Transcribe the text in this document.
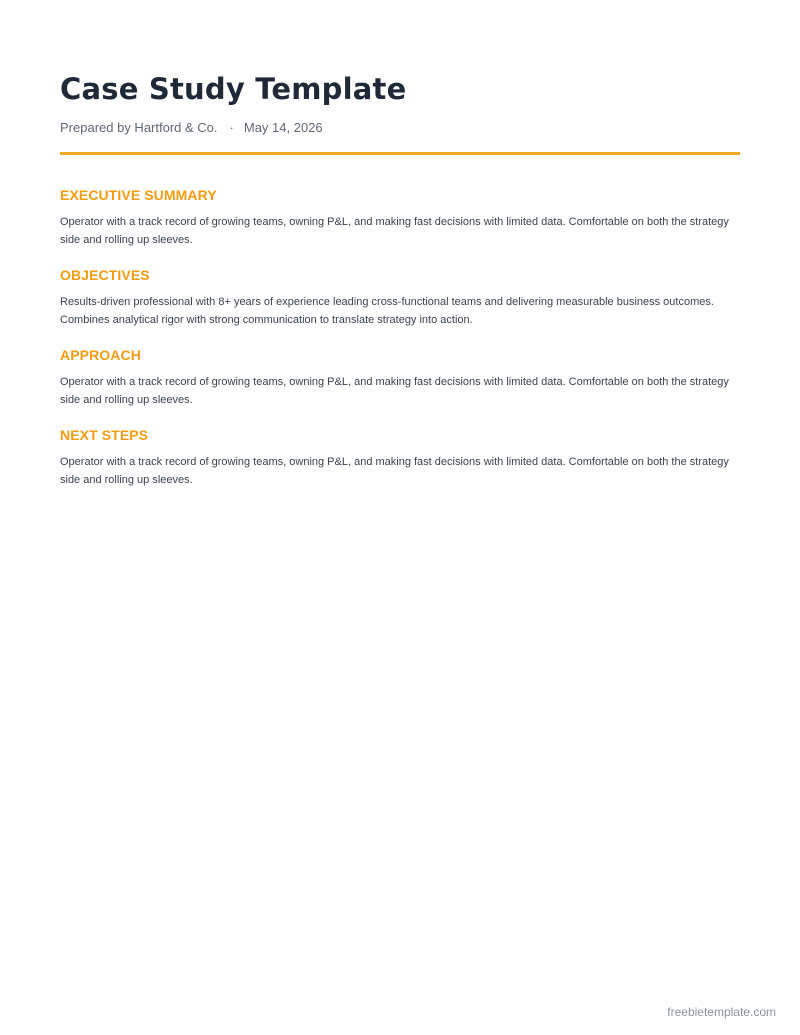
Case Study Template
Prepared by Hartford & Co. · May 14, 2026
EXECUTIVE SUMMARY

Operator with a track record of growing teams, owning P&L, and making fast decisions with limited data. Comfortable on both the strategy side and rolling up sleeves.

OBJECTIVES

Results-driven professional with 8+ years of experience leading cross-functional teams and delivering measurable business outcomes. Combines analytical rigor with strong communication to translate strategy into action.

APPROACH

Operator with a track record of growing teams, owning P&L, and making fast decisions with limited data. Comfortable on both the strategy side and rolling up sleeves.

NEXT STEPS

Operator with a track record of growing teams, owning P&L, and making fast decisions with limited data. Comfortable on both the strategy side and rolling up sleeves.

freebietemplate.com
